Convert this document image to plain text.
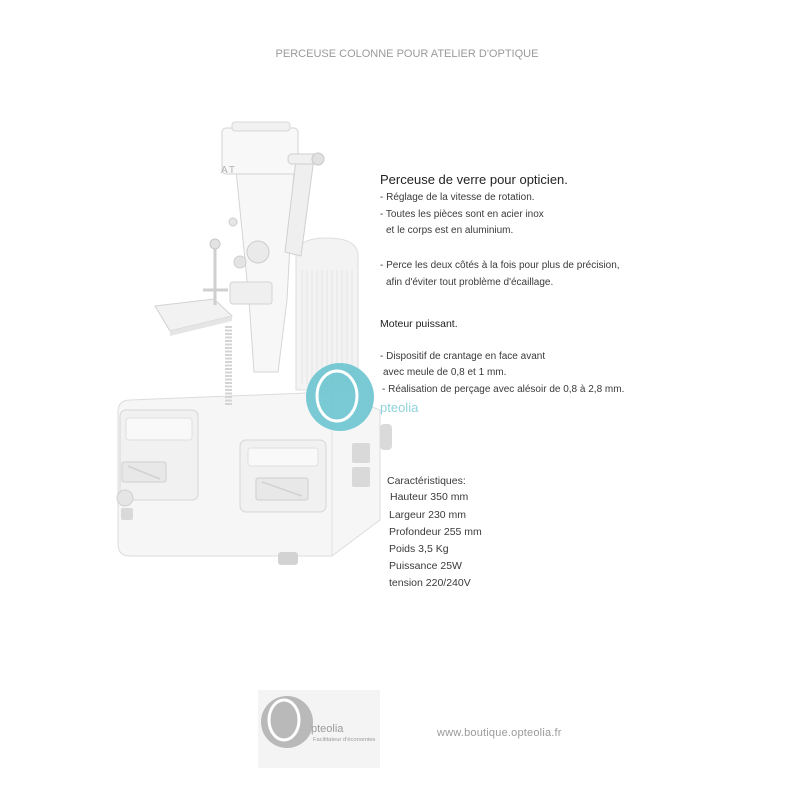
PERCEUSE COLONNE POUR ATELIER D'OPTIQUE
AT
Perceuse de verre pour opticien.
- Réglage de la vitesse de rotation.
- Toutes les pièces sont en acier inox
et le corps est en aluminium.
- Perce les deux côtés à la fois pour plus de précision,
afin d'éviter tout problème d'écaillage.
Moteur puissant.
- Dispositif de crantage en face avant
avec meule de 0,8 et 1 mm.
- Réalisation de perçage avec alésoir de 0,8 à 2,8 mm.
pteolia
Caractéristiques:
Hauteur 350 mm
Largeur 230 mm
Profondeur 255 mm
Poids 3,5 Kg
Puissance 25W
tension 220/240V
pteolia
Facilitateur d'économies
www.boutique.opteolia.fr
